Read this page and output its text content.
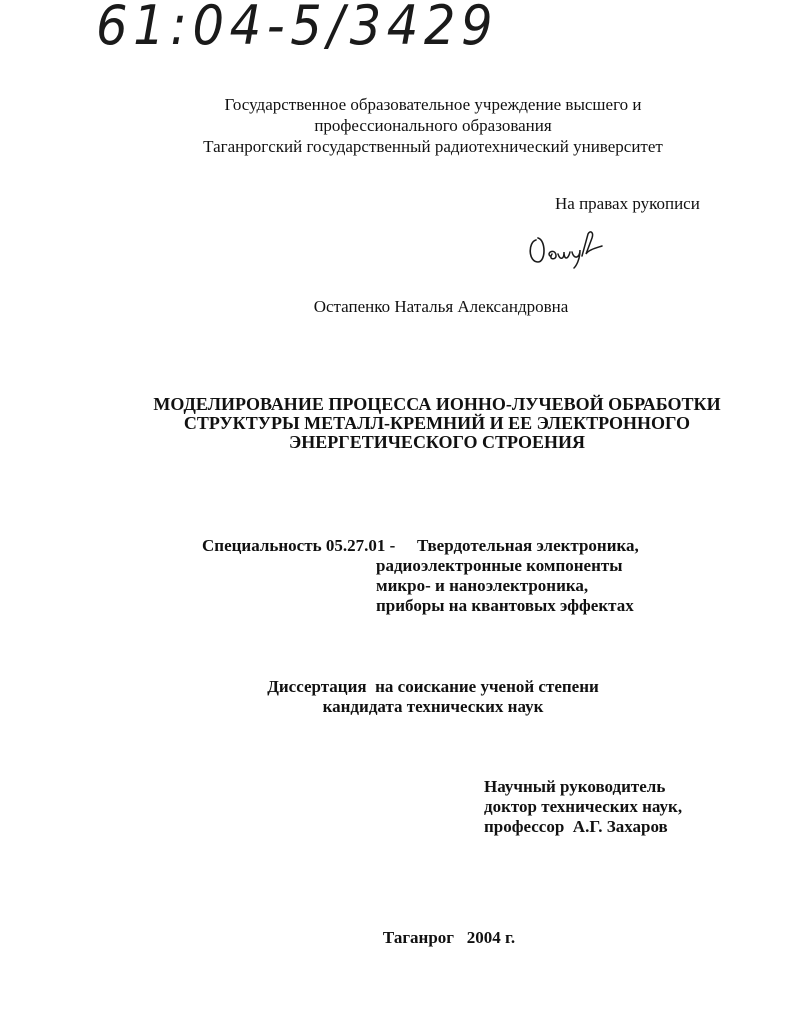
61:04-5/3429
Государственное образовательное учреждение высшего и
профессионального образования
Таганрогский государственный радиотехнический университет
На правах рукописи
Остапенко Наталья Александровна
МОДЕЛИРОВАНИЕ ПРОЦЕССА ИОННО-ЛУЧЕВОЙ ОБРАБОТКИ
СТРУКТУРЫ МЕТАЛЛ-КРЕМНИЙ И ЕЕ ЭЛЕКТРОННОГО
ЭНЕРГЕТИЧЕСКОГО СТРОЕНИЯ
Специальность 05.27.01 - Твердотельная электроника,
радиоэлектронные компоненты
микро- и наноэлектроника,
приборы на квантовых эффектах
Диссертация  на соискание ученой степени
кандидата технических наук
Научный руководитель
доктор технических наук,
профессор  А.Г. Захаров
Таганрог   2004 г.
